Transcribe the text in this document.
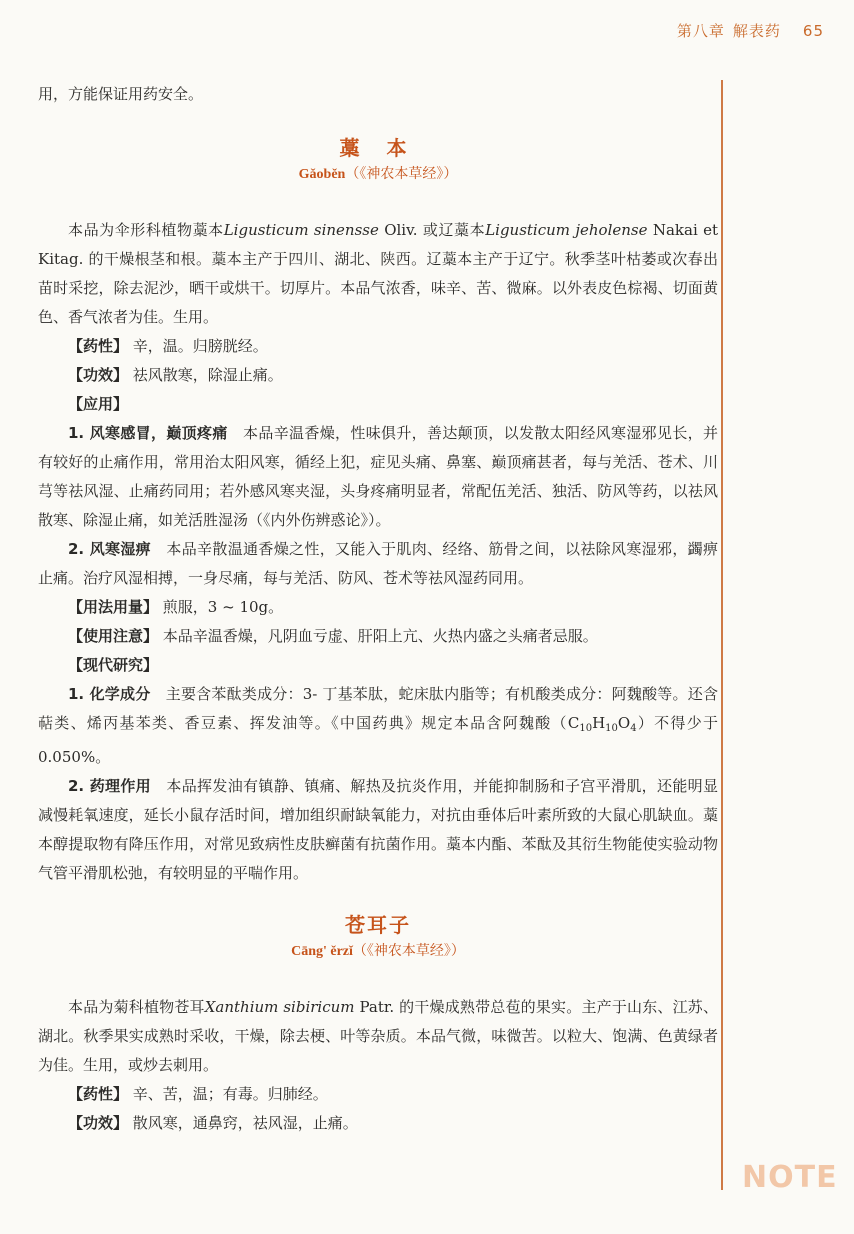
第八章 解表药 65
NOTE

用，方能保证用药安全。

藁 本
Gǎoběn（《神农本草经》）

本品为伞形科植物藁本Ligusticum sinensse Oliv. 或辽藁本Ligusticum jeholense Nakai et Kitag. 的干燥根茎和根。藁本主产于四川、湖北、陕西。辽藁本主产于辽宁。秋季茎叶枯萎或次春出苗时采挖，除去泥沙，晒干或烘干。切厚片。本品气浓香，味辛、苦、微麻。以外表皮色棕褐、切面黄色、香气浓者为佳。生用。

【药性】 辛，温。归膀胱经。

【功效】 祛风散寒，除湿止痛。

【应用】

1. 风寒感冒，巅顶疼痛　 本品辛温香燥，性味俱升，善达颠顶，以发散太阳经风寒湿邪见长，并有较好的止痛作用，常用治太阳风寒，循经上犯，症见头痛、鼻塞、巅顶痛甚者，每与羌活、苍术、川芎等祛风湿、止痛药同用；若外感风寒夹湿，头身疼痛明显者，常配伍羌活、独活、防风等药，以祛风散寒、除湿止痛，如羌活胜湿汤（《内外伤辨惑论》）。

2. 风寒湿痹　 本品辛散温通香燥之性，又能入于肌肉、经络、筋骨之间，以祛除风寒湿邪，蠲痹止痛。治疗风湿相搏，一身尽痛，每与羌活、防风、苍术等祛风湿药同用。

【用法用量】 煎服，3 ~ 10g。

【使用注意】 本品辛温香燥，凡阴血亏虚、肝阳上亢、火热内盛之头痛者忌服。

【现代研究】

1. 化学成分　 主要含苯酞类成分：3- 丁基苯肽，蛇床肽内脂等；有机酸类成分：阿魏酸等。还含萜类、烯丙基苯类、香豆素、挥发油等。《中国药典》规定本品含阿魏酸$(C_{10}H_{10}O_4)$不得少于 0.050%。

2. 药理作用　 本品挥发油有镇静、镇痛、解热及抗炎作用，并能抑制肠和子宫平滑肌，还能明显减慢耗氧速度，延长小鼠存活时间，增加组织耐缺氧能力，对抗由垂体后叶素所致的大鼠心肌缺血。藁本醇提取物有降压作用，对常见致病性皮肤癣菌有抗菌作用。藁本内酯、苯酞及其衍生物能使实验动物气管平滑肌松弛，有较明显的平喘作用。

苍耳子
Cāng' ěrzǐ（《神农本草经》）

本品为菊科植物苍耳Xanthium sibiricum Patr. 的干燥成熟带总苞的果实。主产于山东、江苏、湖北。秋季果实成熟时采收，干燥，除去梗、叶等杂质。本品气微，味微苦。以粒大、饱满、色黄绿者为佳。生用，或炒去刺用。

【药性】 辛、苦，温；有毒。归肺经。

【功效】 散风寒，通鼻窍，祛风湿，止痛。
